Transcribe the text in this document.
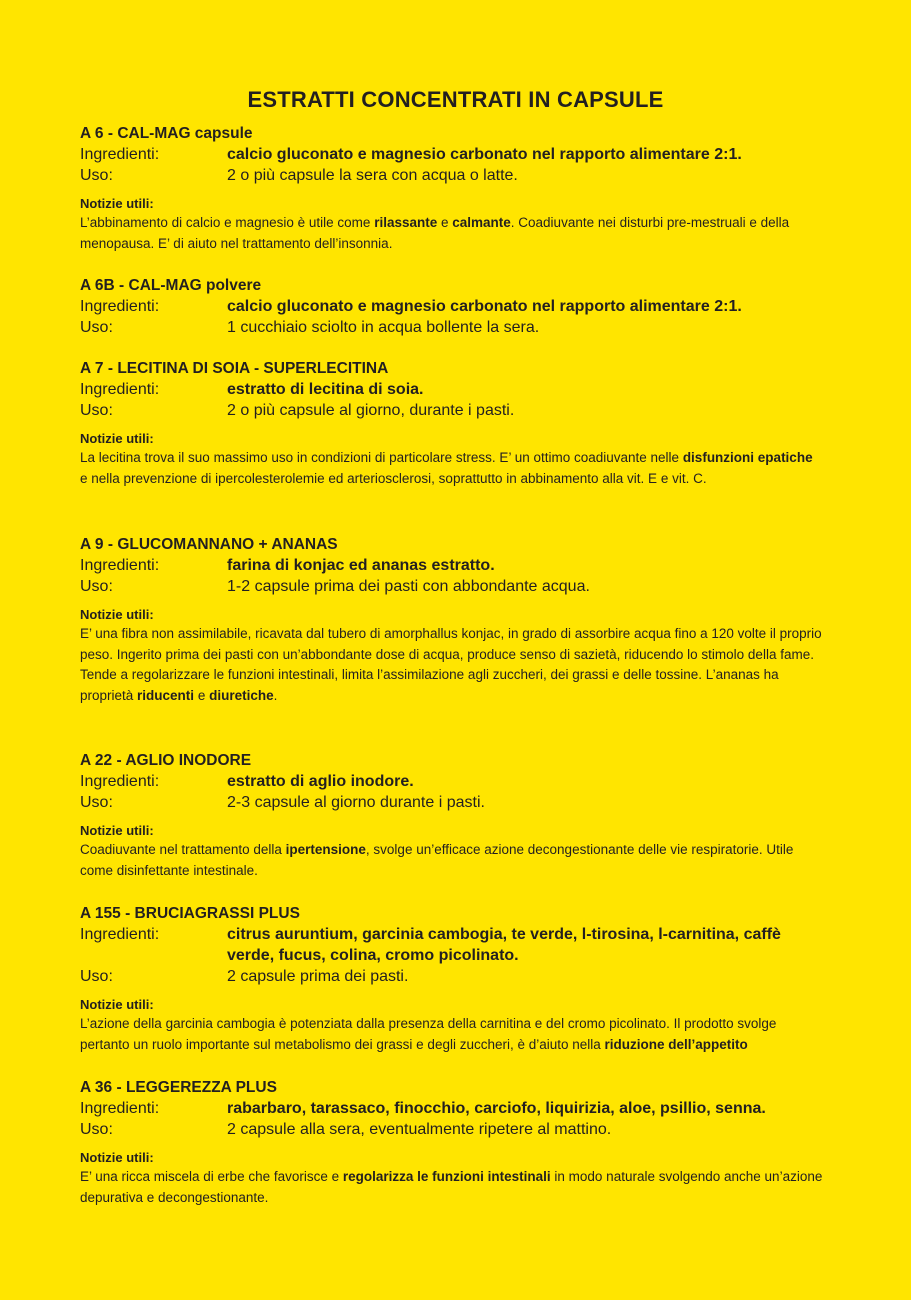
ESTRATTI CONCENTRATI IN CAPSULE
A 6 - CAL-MAG capsule
Ingredienti:	calcio gluconato e magnesio carbonato nel rapporto alimentare 2:1.
Uso:	2 o più capsule la sera con acqua o latte.
Notizie utili:
L’abbinamento di calcio e magnesio è utile come rilassante e calmante. Coadiuvante nei disturbi pre-mestruali e della menopausa. E’ di aiuto nel trattamento dell’insonnia.
A 6B - CAL-MAG polvere
Ingredienti:	calcio gluconato e magnesio carbonato nel rapporto alimentare 2:1.
Uso:	1 cucchiaio sciolto in acqua bollente la sera.
A 7 - LECITINA DI SOIA - SUPERLECITINA
Ingredienti:	estratto di lecitina di soia.
Uso:	2 o più capsule al giorno, durante i pasti.
Notizie utili:
La lecitina trova il suo massimo uso in condizioni di particolare stress. E’ un ottimo coadiuvante nelle disfunzioni epatiche e nella prevenzione di ipercolesterolemie ed arteriosclerosi, soprattutto in abbinamento alla vit. E e vit. C.
A 9 - GLUCOMANNANO + ANANAS
Ingredienti:	farina di konjac ed ananas estratto.
Uso:	1-2 capsule prima dei pasti con abbondante acqua.
Notizie utili:
E’ una fibra non assimilabile, ricavata dal tubero di amorphallus konjac, in grado di assorbire acqua fino a 120 volte il proprio peso. Ingerito prima dei pasti con un’abbondante dose di acqua, produce senso di sazietà, riducendo lo stimolo della fame.
Tende a regolarizzare le funzioni intestinali, limita l’assimilazione agli zuccheri, dei grassi e delle tossine. L’ananas ha proprietà riducenti e diuretiche.
A 22 - AGLIO INODORE
Ingredienti:	estratto di aglio inodore.
Uso:	2-3 capsule al giorno durante i pasti.
Notizie utili:
Coadiuvante nel trattamento della ipertensione, svolge un’efficace azione decongestionante delle vie respiratorie. Utile come disinfettante intestinale.
A 155 - BRUCIAGRASSI PLUS
Ingredienti:	citrus auruntium, garcinia cambogia, te verde, l-tirosina, l-carnitina, caffè verde, fucus, colina, cromo picolinato.
Uso:	2 capsule prima dei pasti.
Notizie utili:
L’azione della garcinia cambogia è potenziata dalla presenza della carnitina e del cromo picolinato. Il prodotto svolge pertanto un ruolo importante sul metabolismo dei grassi e degli zuccheri, è d’aiuto nella riduzione dell’appetito
A 36 - LEGGEREZZA PLUS
Ingredienti:	rabarbaro, tarassaco, finocchio, carciofo, liquirizia, aloe, psillio, senna.
Uso:	2 capsule alla sera, eventualmente ripetere al mattino.
Notizie utili:
E’ una ricca miscela di erbe che favorisce e regolarizza le funzioni intestinali in modo naturale svolgendo anche un’azione depurativa e decongestionante.
